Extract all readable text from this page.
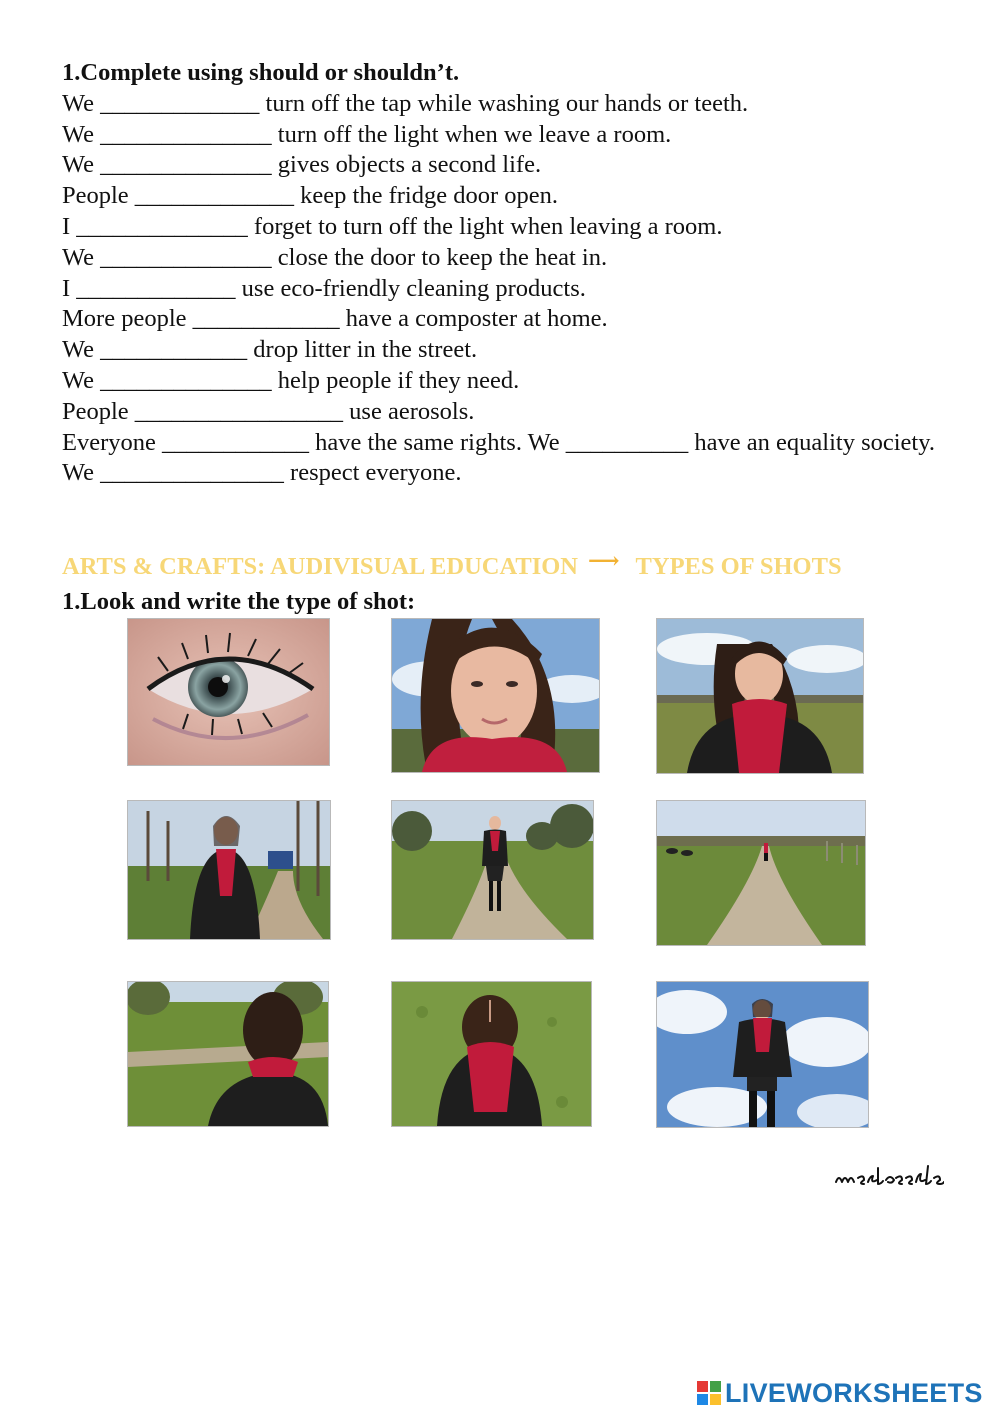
1.Complete using should or shouldn’t.

We _____________ turn off the tap while washing our hands or teeth.

We ______________ turn off the light when we leave a room.

We ______________ gives objects a second life.

People _____________ keep the fridge door open.

I ______________ forget to turn off the light when leaving a room.

We ______________ close the door to keep the heat in.

I _____________ use eco-friendly cleaning products.

More people ____________ have a composter at home.

We ____________ drop litter in the street.

We ______________ help people if they need.

People _________________ use aerosols.

Everyone ____________ have the same rights. We __________ have an equality society.

We _______________ respect everyone.

ARTS & CRAFTS: AUDIVISUAL EDUCATION ⟶ TYPES OF SHOTS

1.Look and write the type of shot:

LIVEWORKSHEETS
